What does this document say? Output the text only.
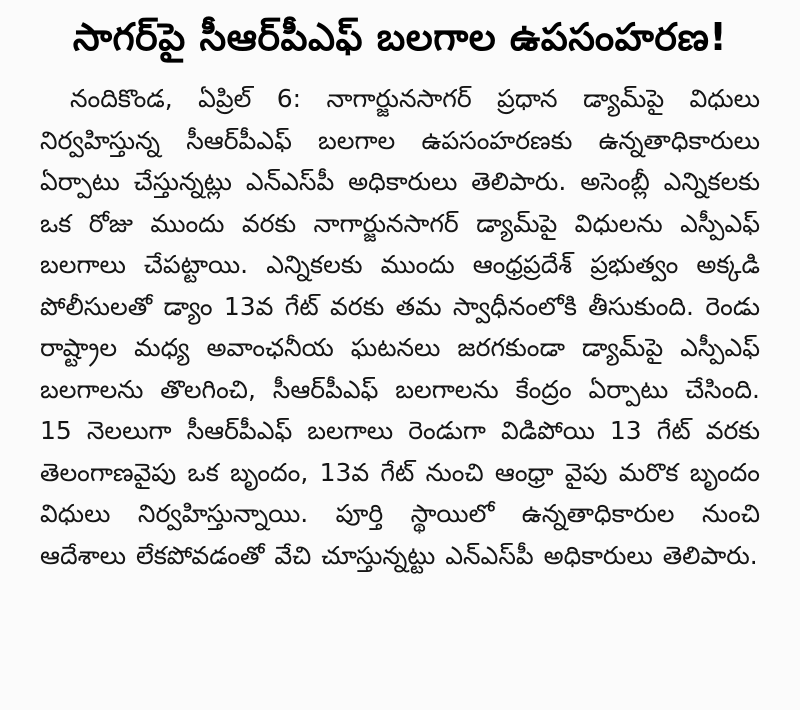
సాగర్‌పై సీఆర్‌పీఎఫ్ బలగాల ఉపసంహరణ!

నందికొండ, ఏప్రిల్ 6: నాగార్జునసాగర్ ప్రధాన డ్యామ్‌పై విధులు నిర్వహిస్తున్న సీఆర్‌పీఎఫ్ బలగాల ఉపసంహరణకు ఉన్నతాధికారులు ఏర్పాటు చేస్తున్నట్లు ఎన్‌ఎస్‌పీ అధికారులు తెలిపారు. అసెంబ్లీ ఎన్నికలకు ఒక రోజు ముందు వరకు నాగార్జునసాగర్ డ్యామ్‌పై విధులను ఎస్పీఎఫ్ బలగాలు చేపట్టాయి. ఎన్నికలకు ముందు ఆంధ్రప్రదేశ్ ప్రభుత్వం అక్కడి పోలీసులతో డ్యాం 13వ గేట్ వరకు తమ స్వాధీనంలోకి తీసుకుంది. రెండు రాష్ట్రాల మధ్య అవాంఛనీయ ఘటనలు జరగకుండా డ్యామ్‌పై ఎస్పీఎఫ్ బలగాలను తొలగించి, సీఆర్‌పీఎఫ్ బలగాలను కేంద్రం ఏర్పాటు చేసింది. 15 నెలలుగా సీఆర్‌పీఎఫ్ బలగాలు రెండుగా విడిపోయి 13 గేట్ వరకు తెలంగాణవైపు ఒక బృందం, 13వ గేట్ నుంచి ఆంధ్రా వైపు మరొక బృందం విధులు నిర్వహిస్తున్నాయి. పూర్తి స్థాయిలో ఉన్నతాధికారుల నుంచి ఆదేశాలు లేకపోవడంతో వేచి చూస్తున్నట్టు ఎన్‌ఎస్‌పీ అధికారులు తెలిపారు.
